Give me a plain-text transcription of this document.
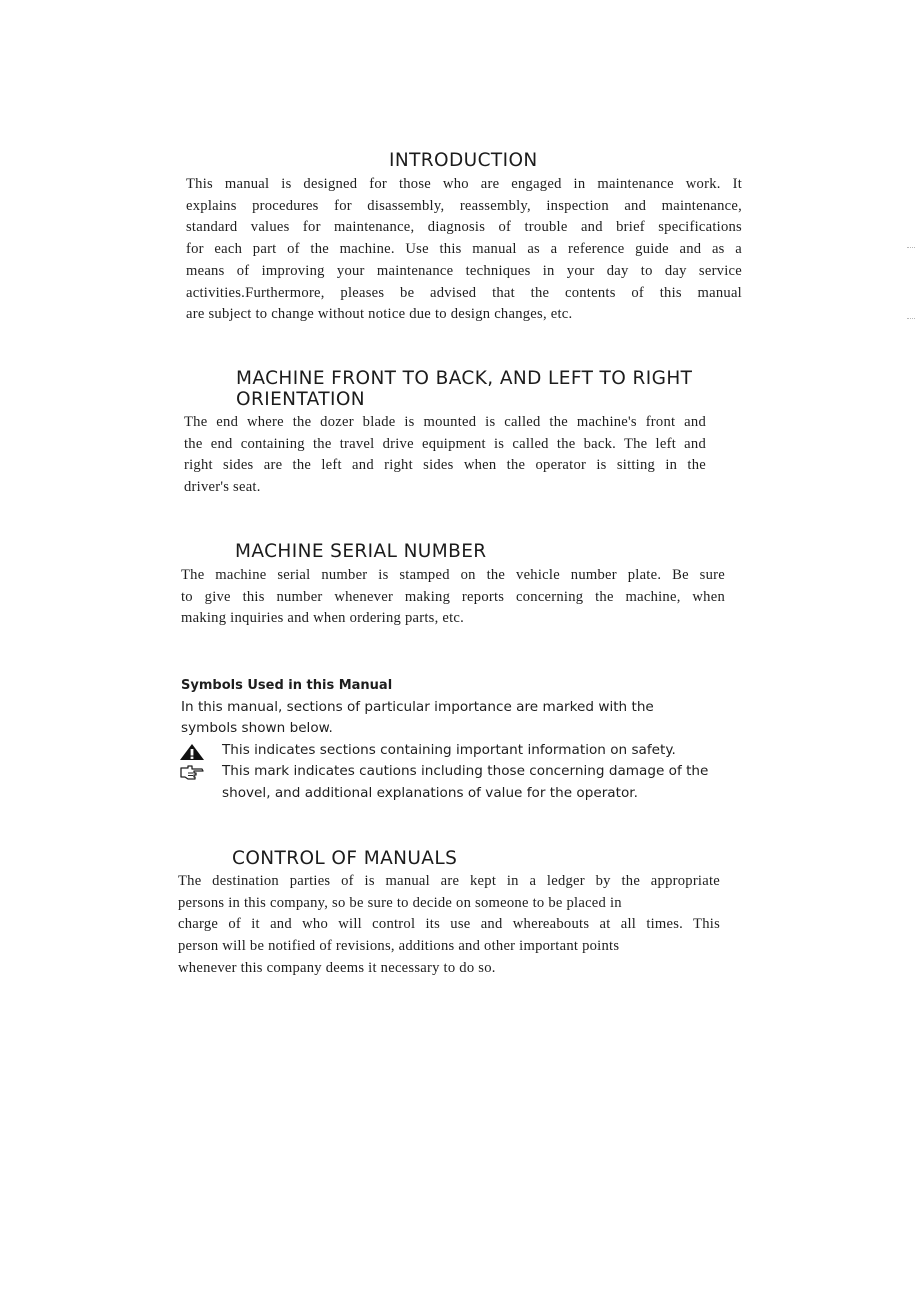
INTRODUCTION
This manual is designed for those who are engaged in maintenance work. It
explains procedures for disassembly, reassembly, inspection and maintenance,
standard values for maintenance, diagnosis of trouble and brief specifications
for each part of the machine. Use this manual as a reference guide and as a
means of improving your maintenance techniques in your day to day service
activities.Furthermore, pleases be advised that the contents of this manual
are subject to change without notice due to design changes, etc.
MACHINE FRONT TO BACK, AND LEFT TO RIGHT
ORIENTATION
The end where the dozer blade is mounted is called the machine's front and
the end containing the travel drive equipment is called the back. The left and
right sides are the left and right sides when the operator is sitting in the
driver's seat.
MACHINE SERIAL NUMBER
The machine serial number is stamped on the vehicle number plate. Be sure
to give this number whenever making reports concerning the machine, when
making inquiries and when ordering parts, etc.
Symbols Used in this Manual
In this manual, sections of particular importance are marked with the
symbols shown below.
This indicates sections containing important information on safety.
This mark indicates cautions including those concerning damage of the
shovel, and additional explanations of value for the operator.
CONTROL OF MANUALS
The destination parties of is manual are kept in a ledger by the appropriate
persons in this company, so be sure to decide on someone to be placed in
charge of it and who will control its use and whereabouts at all times. This
person will be notified of revisions, additions and other important points
whenever this company deems it necessary to do so.
